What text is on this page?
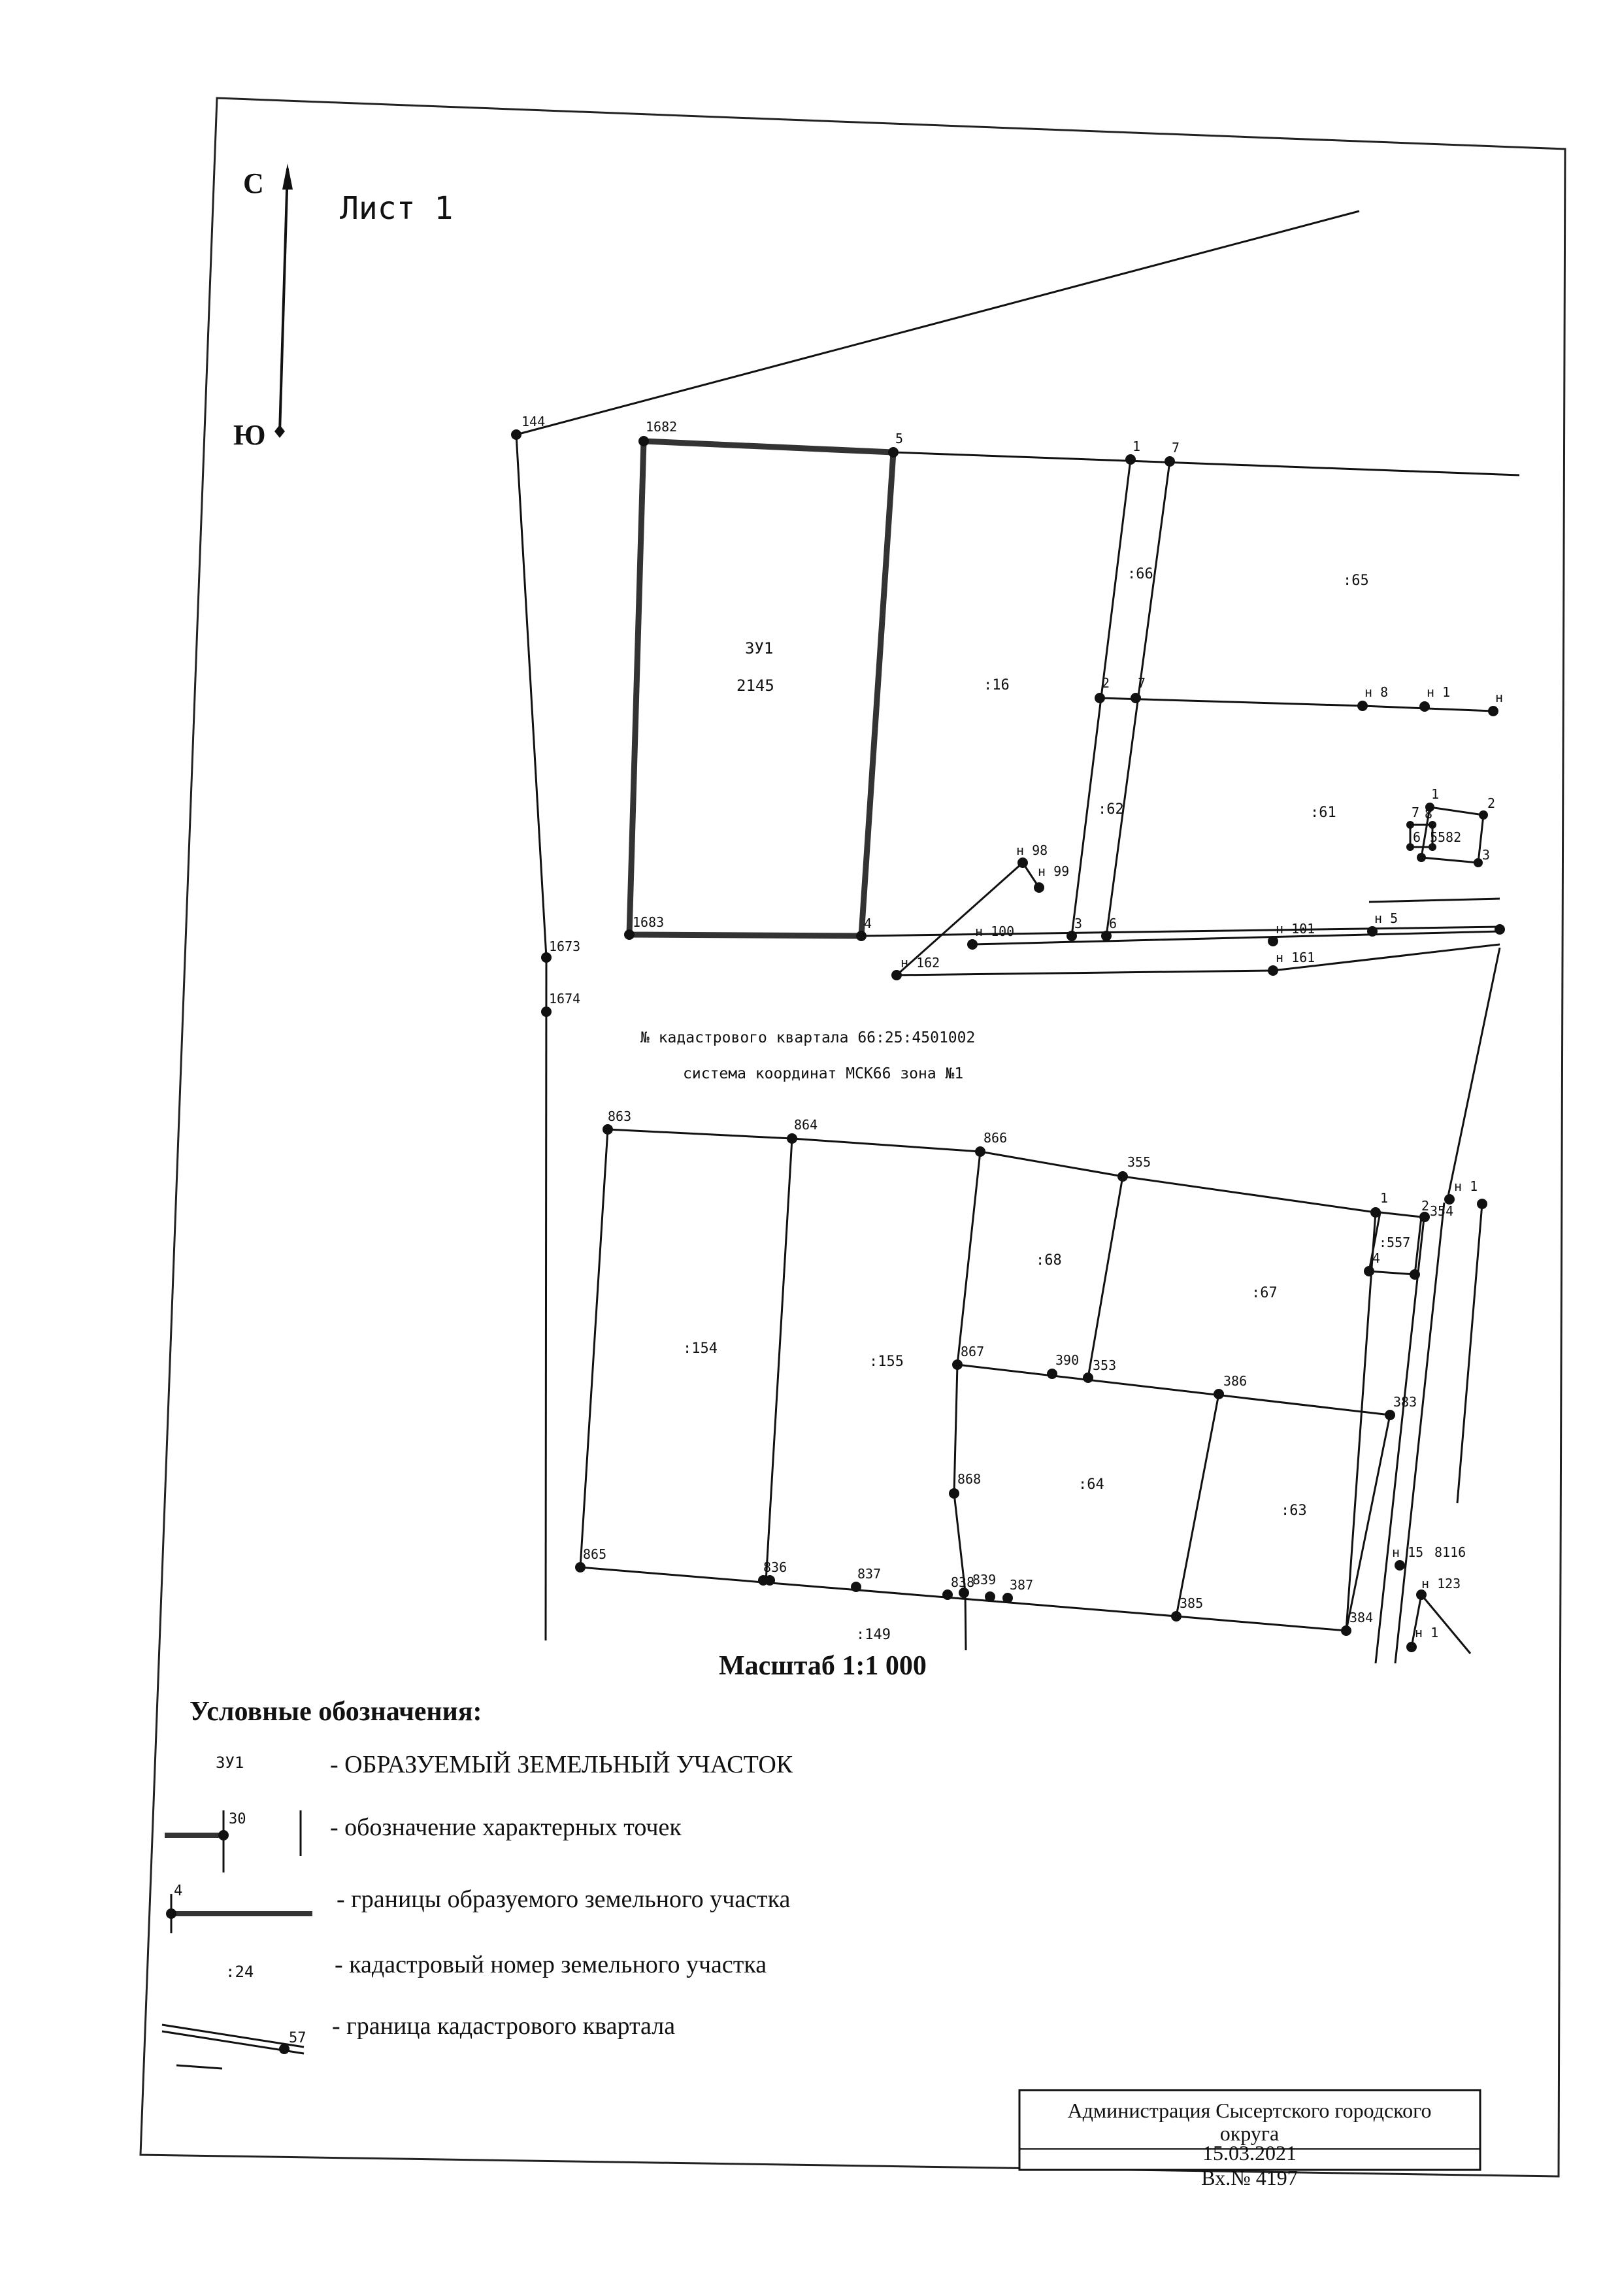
С
Ю
Лист 1
ЗУ1
2145
144	1682
5	1 7
2 7
н 8	н 1	н
1683	4	3 6
н 98
н 99
н 100	н 101
н 5
н 162	н 161
1673
1674
1
2
3
7 8
6 5 582
863
864
866
355
1	2 354
н 1
:557
4
867
390 353
386
383
868
865
836	837
838
839 387
385
384
н 15 8116
н 123
н 1
:66	:65
:16
:62	:61
:68
:67
:154
:155
:64
:63
:149
№ кадастрового квартала 66:25:4501002
система координат МСК66 зона №1
Масштаб 1:1 000
Условные обозначения:
ЗУ1	- ОБРАЗУЕМЫЙ ЗЕМЕЛЬНЫЙ УЧАСТОК
30	- обозначение характерных точек
4	- границы образуемого земельного участка
:24	- кадастровый номер земельного участка
57 - граница кадастрового квартала
Администрация Сысертского городского
округа
15.03.2021
Вх.№ 4197
